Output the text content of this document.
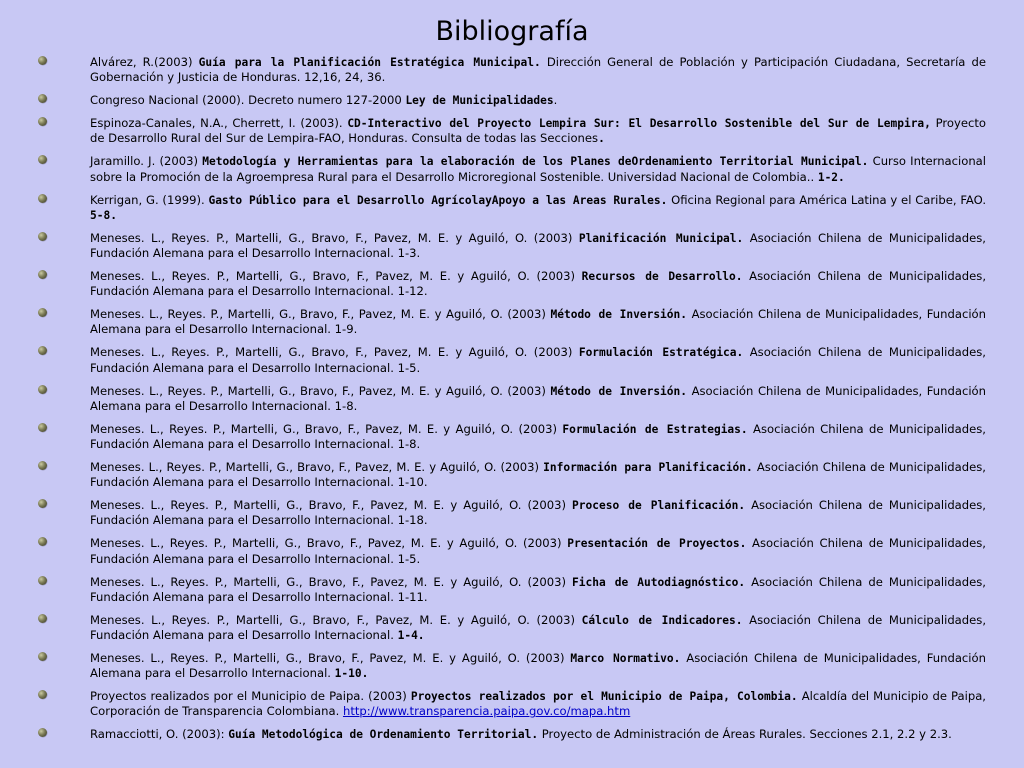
Bibliografía
Alvárez, R.(2003) Guía para la Planificación Estratégica Municipal. Dirección General de Población y Participación Ciudadana, Secretaría de Gobernación y Justicia de Honduras. 12,16, 24, 36.
Congreso Nacional (2000). Decreto numero 127-2000 Ley de Municipalidades.
Espinoza-Canales, N.A., Cherrett, I. (2003). CD-Interactivo del Proyecto Lempira Sur: El Desarrollo Sostenible del Sur de Lempira, Proyecto de Desarrollo Rural del Sur de Lempira-FAO, Honduras. Consulta de todas las Secciones.
Jaramillo. J. (2003) Metodología y Herramientas para la elaboración de los Planes deOrdenamiento Territorial Municipal. Curso Internacional sobre la Promoción de la Agroempresa Rural para el Desarrollo Microregional Sostenible. Universidad Nacional de Colombia.. 1-2.
Kerrigan, G. (1999). Gasto Público para el Desarrollo AgrícolayApoyo a las Areas Rurales. Oficina Regional para América Latina y el Caribe, FAO. 5-8.
Meneses. L., Reyes. P., Martelli, G., Bravo, F., Pavez, M. E. y Aguiló, O. (2003) Planificación Municipal. Asociación Chilena de Municipalidades, Fundación Alemana para el Desarrollo Internacional. 1-3.
Meneses. L., Reyes. P., Martelli, G., Bravo, F., Pavez, M. E. y Aguiló, O. (2003) Recursos de Desarrollo. Asociación Chilena de Municipalidades, Fundación Alemana para el Desarrollo Internacional. 1-12.
Meneses. L., Reyes. P., Martelli, G., Bravo, F., Pavez, M. E. y Aguiló, O. (2003) Método de Inversión. Asociación Chilena de Municipalidades, Fundación Alemana para el Desarrollo Internacional. 1-9.
Meneses. L., Reyes. P., Martelli, G., Bravo, F., Pavez, M. E. y Aguiló, O. (2003) Formulación Estratégica. Asociación Chilena de Municipalidades, Fundación Alemana para el Desarrollo Internacional. 1-5.
Meneses. L., Reyes. P., Martelli, G., Bravo, F., Pavez, M. E. y Aguiló, O. (2003) Método de Inversión. Asociación Chilena de Municipalidades, Fundación Alemana para el Desarrollo Internacional. 1-8.
Meneses. L., Reyes. P., Martelli, G., Bravo, F., Pavez, M. E. y Aguiló, O. (2003) Formulación de Estrategias. Asociación Chilena de Municipalidades, Fundación Alemana para el Desarrollo Internacional. 1-8.
Meneses. L., Reyes. P., Martelli, G., Bravo, F., Pavez, M. E. y Aguiló, O. (2003) Información para Planificación. Asociación Chilena de Municipalidades, Fundación Alemana para el Desarrollo Internacional. 1-10.
Meneses. L., Reyes. P., Martelli, G., Bravo, F., Pavez, M. E. y Aguiló, O. (2003) Proceso de Planificación. Asociación Chilena de Municipalidades, Fundación Alemana para el Desarrollo Internacional. 1-18.
Meneses. L., Reyes. P., Martelli, G., Bravo, F., Pavez, M. E. y Aguiló, O. (2003) Presentación de Proyectos. Asociación Chilena de Municipalidades, Fundación Alemana para el Desarrollo Internacional. 1-5.
Meneses. L., Reyes. P., Martelli, G., Bravo, F., Pavez, M. E. y Aguiló, O. (2003) Ficha de Autodiagnóstico. Asociación Chilena de Municipalidades, Fundación Alemana para el Desarrollo Internacional. 1-11.
Meneses. L., Reyes. P., Martelli, G., Bravo, F., Pavez, M. E. y Aguiló, O. (2003) Cálculo de Indicadores. Asociación Chilena de Municipalidades, Fundación Alemana para el Desarrollo Internacional. 1-4.
Meneses. L., Reyes. P., Martelli, G., Bravo, F., Pavez, M. E. y Aguiló, O. (2003) Marco Normativo. Asociación Chilena de Municipalidades, Fundación Alemana para el Desarrollo Internacional. 1-10.
Proyectos realizados por el Municipio de Paipa. (2003) Proyectos realizados por el Municipio de Paipa, Colombia. Alcaldía del Municipio de Paipa, Corporación de Transparencia Colombiana. http://www.transparencia.paipa.gov.co/mapa.htm
Ramacciotti, O. (2003): Guía Metodológica de Ordenamiento Territorial. Proyecto de Administración de Áreas Rurales. Secciones 2.1, 2.2 y 2.3.
